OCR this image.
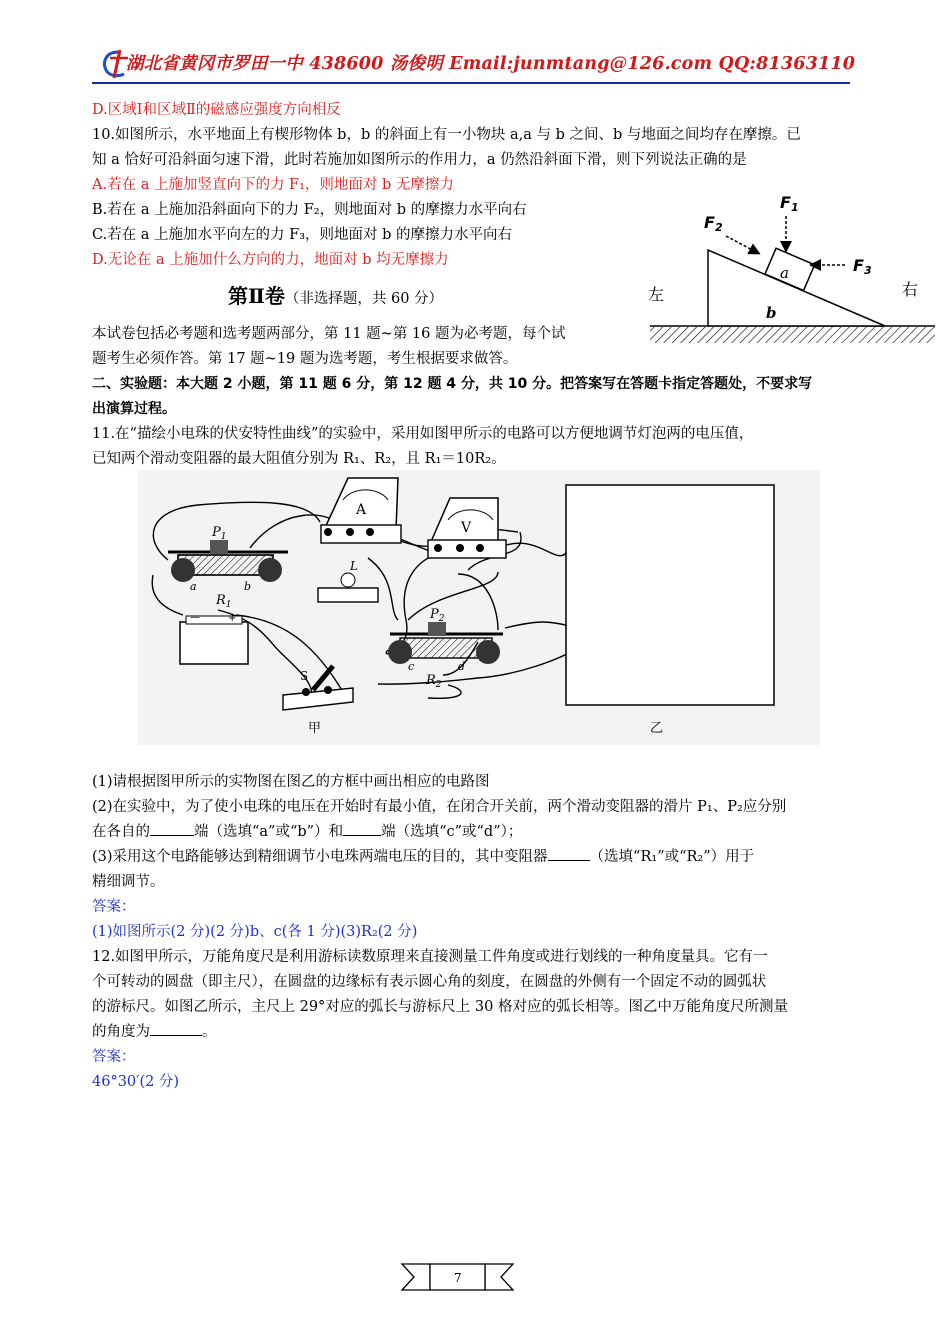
湖北省黄冈市罗田一中 438600 汤俊明 Email:junmtang@126.com QQ:81363110
D.区域Ⅰ和区域Ⅱ的磁感应强度方向相反
10.如图所示，水平地面上有楔形物体 b，b 的斜面上有一小物块 a,a 与 b 之间、b 与地面之间均存在摩擦。已
知 a 恰好可沿斜面匀速下滑，此时若施加如图所示的作用力，a 仍然沿斜面下滑，则下列说法正确的是
A.若在 a 上施加竖直向下的力 F₁，则地面对 b 无摩擦力
B.若在 a 上施加沿斜面向下的力 F₂，则地面对 b 的摩擦力水平向右
C.若在 a 上施加水平向左的力 F₃，则地面对 b 的摩擦力水平向右
D.无论在 a 上施加什么方向的力，地面对 b 均无摩擦力
第Ⅱ卷（非选择题，共 60 分）
本试卷包括必考题和选考题两部分，第 11 题~第 16 题为必考题，每个试
题考生必须作答。第 17 题~19 题为选考题，考生根据要求做答。
二、实验题：本大题 2 小题，第 11 题 6 分，第 12 题 4 分，共 10 分。把答案写在答题卡指定答题处，不要求写
出演算过程。
11.在“描绘小电珠的伏安特性曲线”的实验中，采用如图甲所示的电路可以方便地调节灯泡两的电压值，
已知两个滑动变阻器的最大阻值分别为 R₁、R₂，且 R₁＝10R₂。
(1)请根据图甲所示的实物图在图乙的方框中画出相应的电路图
(2)在实验中，为了使小电珠的电压在开始时有最小值，在闭合开关前，两个滑动变阻器的滑片 P₁、P₂应分别
在各自的	端（选填“a”或“b”）和	端（选填“c”或“d”）；
(3)采用这个电路能够达到精细调节小电珠两端电压的目的，其中变阻器	（选填“R₁”或“R₂”）用于
精细调节。
答案：
(1)如图所示(2 分)(2 分)b、c(各 1 分)(3)R₂(2 分)
12.如图甲所示，万能角度尺是利用游标读数原理来直接测量工件角度或进行划线的一种角度量具。它有一
个可转动的圆盘（即主尺），在圆盘的边缘标有表示圆心角的刻度，在圆盘的外侧有一个固定不动的圆弧状
的游标尺。如图乙所示，主尺上 29°对应的弧长与游标尺上 30 格对应的弧长相等。图乙中万能角度尺所测量
的角度为	。
答案：
46°30′(2 分)
a
b
F1
F2
F3
左	右
A
V
L
$P_1$
a	b
$R_1$
$P_2$
c	d
$R_2$
—	+
S
甲	乙
7
